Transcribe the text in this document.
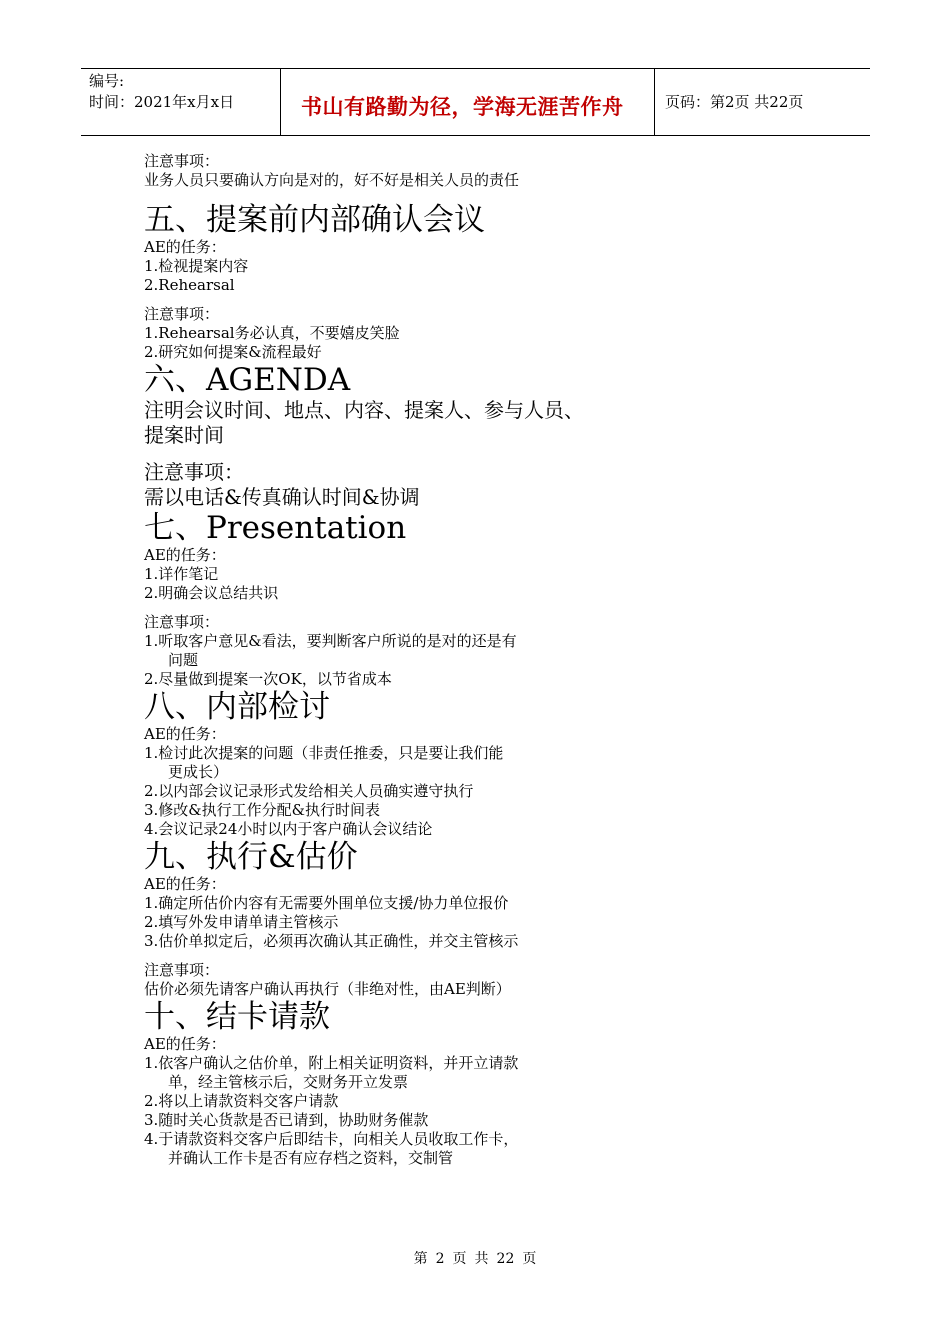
编号:
时间：2021年x月x日	书山有路勤为径，学海无涯苦作舟	页码：第2页 共22页
注意事项：
业务人员只要确认方向是对的，好不好是相关人员的责任
五、提案前内部确认会议
AE的任务：
1.检视提案内容
2.Rehearsal
注意事项：
1.Rehearsal务必认真，不要嬉皮笑脸
2.研究如何提案&流程最好
六、AGENDA
注明会议时间、地点、内容、提案人、参与人员、
提案时间
注意事项：
需以电话&传真确认时间&协调
七、Presentation
AE的任务：
1.详作笔记
2.明确会议总结共识
注意事项：
1.听取客户意见&看法，要判断客户所说的是对的还是有
问题
2.尽量做到提案一次OK，以节省成本
八、内部检讨
AE的任务：
1.检讨此次提案的问题（非责任推委，只是要让我们能
更成长）
2.以内部会议记录形式发给相关人员确实遵守执行
3.修改&执行工作分配&执行时间表
4.会议记录24小时以内于客户确认会议结论
九、执行&估价
AE的任务：
1.确定所估价内容有无需要外围单位支援/协力单位报价
2.填写外发申请单请主管核示
3.估价单拟定后，必须再次确认其正确性，并交主管核示
注意事项：
估价必须先请客户确认再执行（非绝对性，由AE判断）
十、结卡请款
AE的任务：
1.依客户确认之估价单，附上相关证明资料，并开立请款
单，经主管核示后，交财务开立发票
2.将以上请款资料交客户请款
3.随时关心货款是否已请到，协助财务催款
4.于请款资料交客户后即结卡，向相关人员收取工作卡，
并确认工作卡是否有应存档之资料，交制管
第 2 页 共 22 页
